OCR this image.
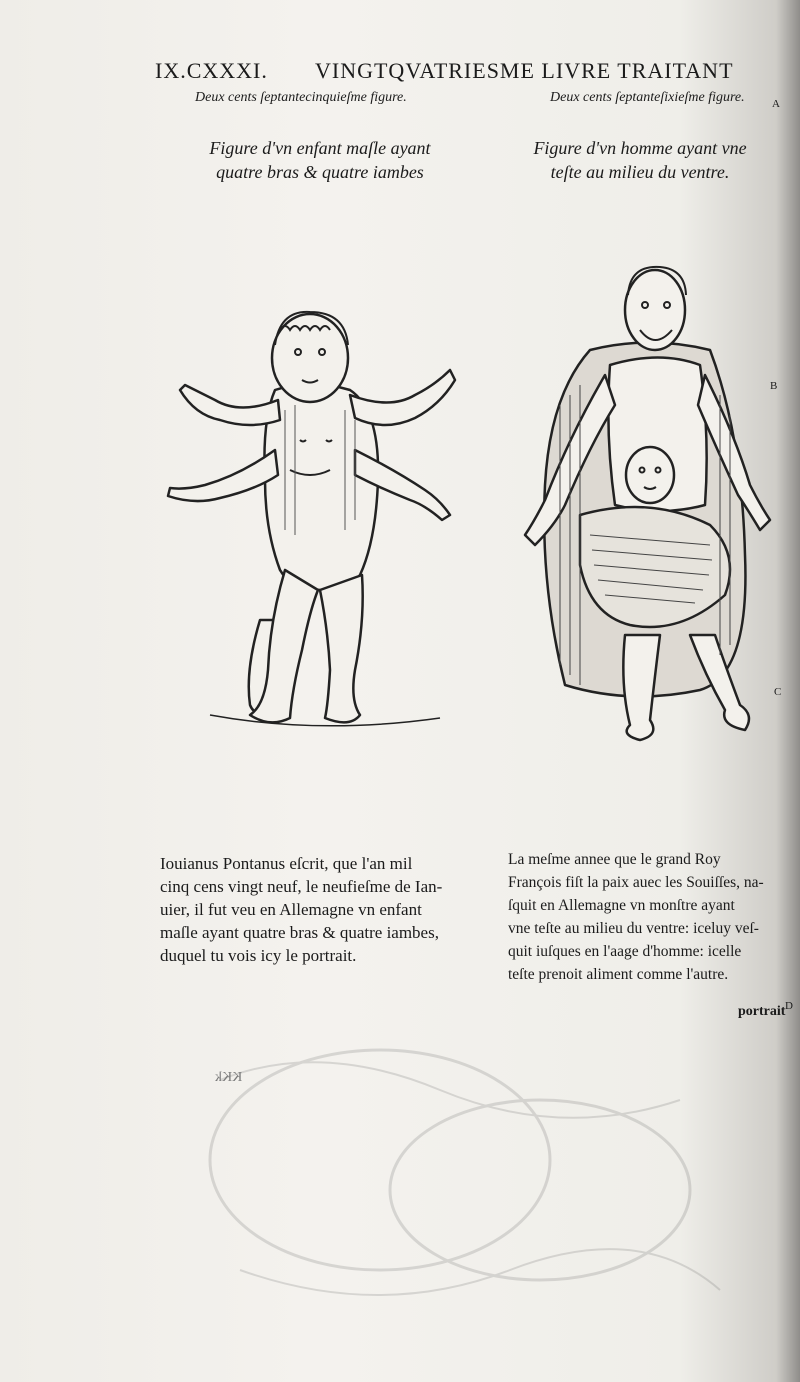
IX.CXXXI. VINGTQVATRIESME LIVRE TRAITANT
Deux cents ſeptantecinquieſme figure.	Deux cents ſeptanteſixieſme figure.
Figure d'vn enfant maſle ayant
quatre bras & quatre iambes
Figure d'vn homme ayant vne
teſte au milieu du ventre.

Iouianus Pontanus eſcrit, que l'an mil

cinq cens vingt neuf, le neufieſme de Ian-

uier, il fut veu en Allemagne vn enfant

maſle ayant quatre bras & quatre iambes,

duquel tu vois icy le portrait.

La meſme annee que le grand Roy

François fiſt la paix auec les Souiſſes, na-

ſquit en Allemagne vn monſtre ayant

vne teſte au milieu du ventre: iceluy veſ-

quit iuſques en l'aage d'homme: icelle

teſte prenoit aliment comme l'autre.

A
B
C
D
portrait
KKk
